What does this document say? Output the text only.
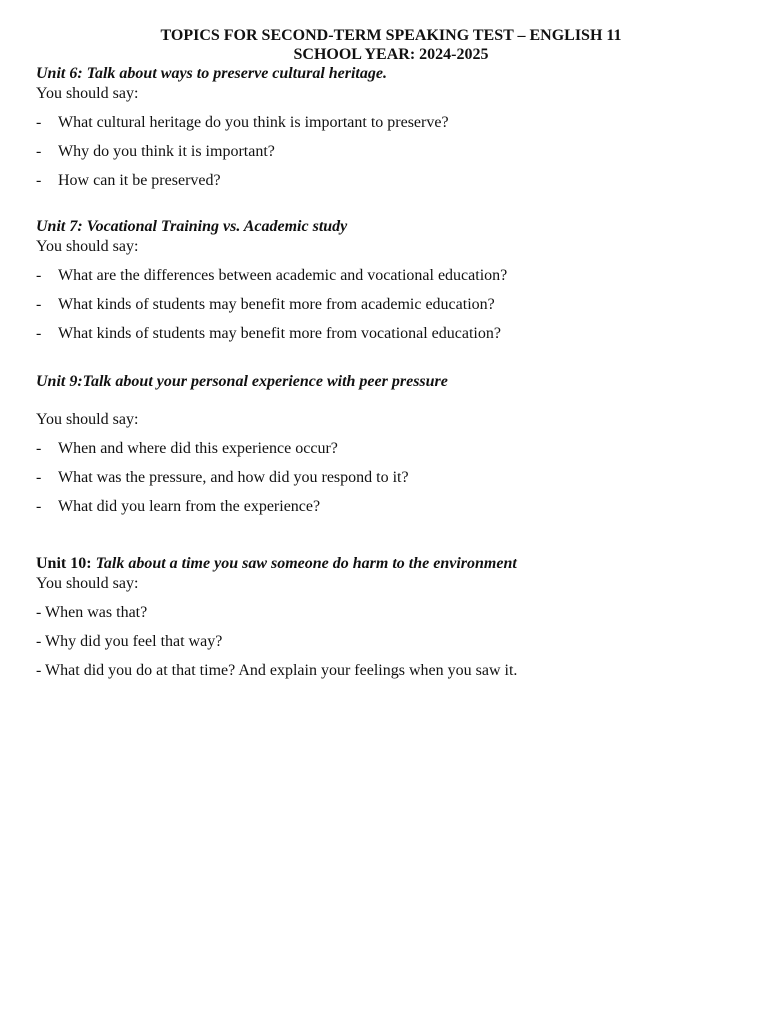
TOPICS FOR SECOND-TERM SPEAKING TEST – ENGLISH 11
SCHOOL YEAR: 2024-2025
Unit 6: Talk about ways to preserve cultural heritage.
You should say:
- What cultural heritage do you think is important to preserve?
- Why do you think it is important?
- How can it be preserved?
Unit 7: Vocational Training vs. Academic study
You should say:
- What are the differences between academic and vocational education?
- What kinds of students may benefit more from academic education?
- What kinds of students may benefit more from vocational education?
Unit 9:Talk about your personal experience with peer pressure
You should say:
- When and where did this experience occur?
- What was the pressure, and how did you respond to it?
- What did you learn from the experience?
Unit 10: Talk about a time you saw someone do harm to the environment
You should say:
- When was that?
- Why did you feel that way?
- What did you do at that time? And explain your feelings when you saw it.
